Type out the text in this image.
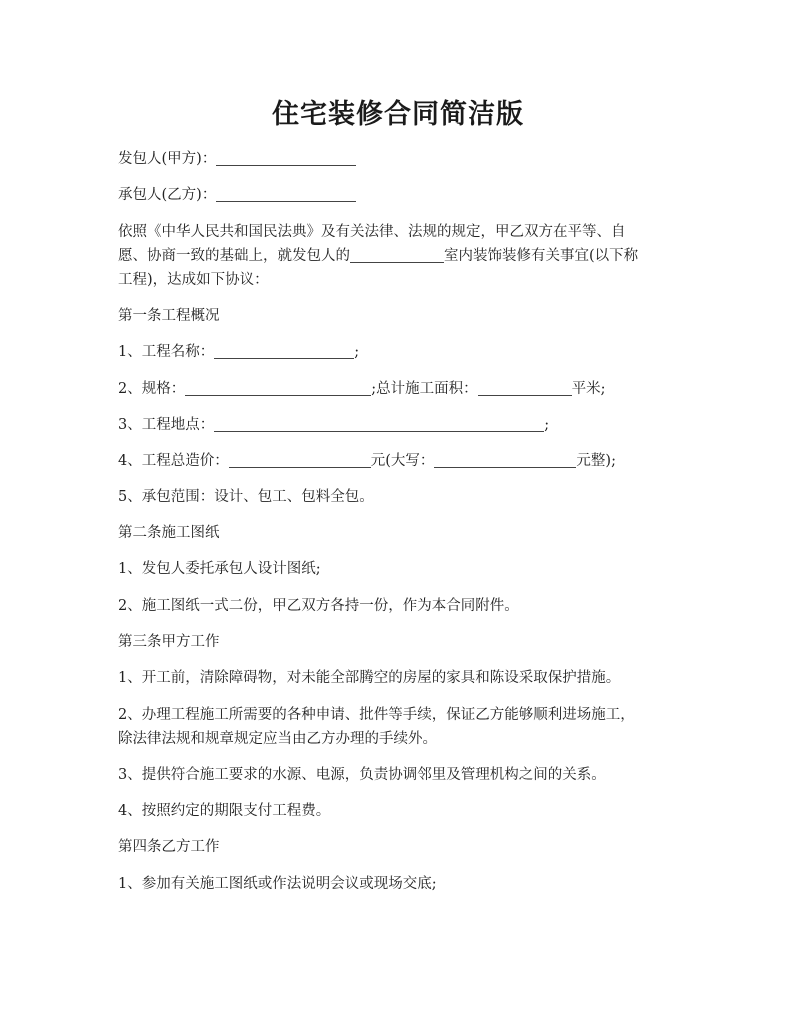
住宅装修合同简洁版
发包人(甲方)：
承包人(乙方)：
依照《中华人民共和国民法典》及有关法律、法规的规定，甲乙双方在平等、自
愿、协商一致的基础上，就发包人的	室内装饰装修有关事宜(以下称
工程)，达成如下协议：
第一条工程概况
1、工程名称：	;
2、规格：	;总计施工面积：	平米;
3、工程地点：	;
4、工程总造价：	元(大写：	元整);
5、承包范围：设计、包工、包料全包。
第二条施工图纸
1、发包人委托承包人设计图纸;
2、施工图纸一式二份，甲乙双方各持一份，作为本合同附件。
第三条甲方工作
1、开工前，清除障碍物，对未能全部腾空的房屋的家具和陈设采取保护措施。
2、办理工程施工所需要的各种申请、批件等手续，保证乙方能够顺利进场施工，
除法律法规和规章规定应当由乙方办理的手续外。
3、提供符合施工要求的水源、电源，负责协调邻里及管理机构之间的关系。
4、按照约定的期限支付工程费。
第四条乙方工作
1、参加有关施工图纸或作法说明会议或现场交底;
